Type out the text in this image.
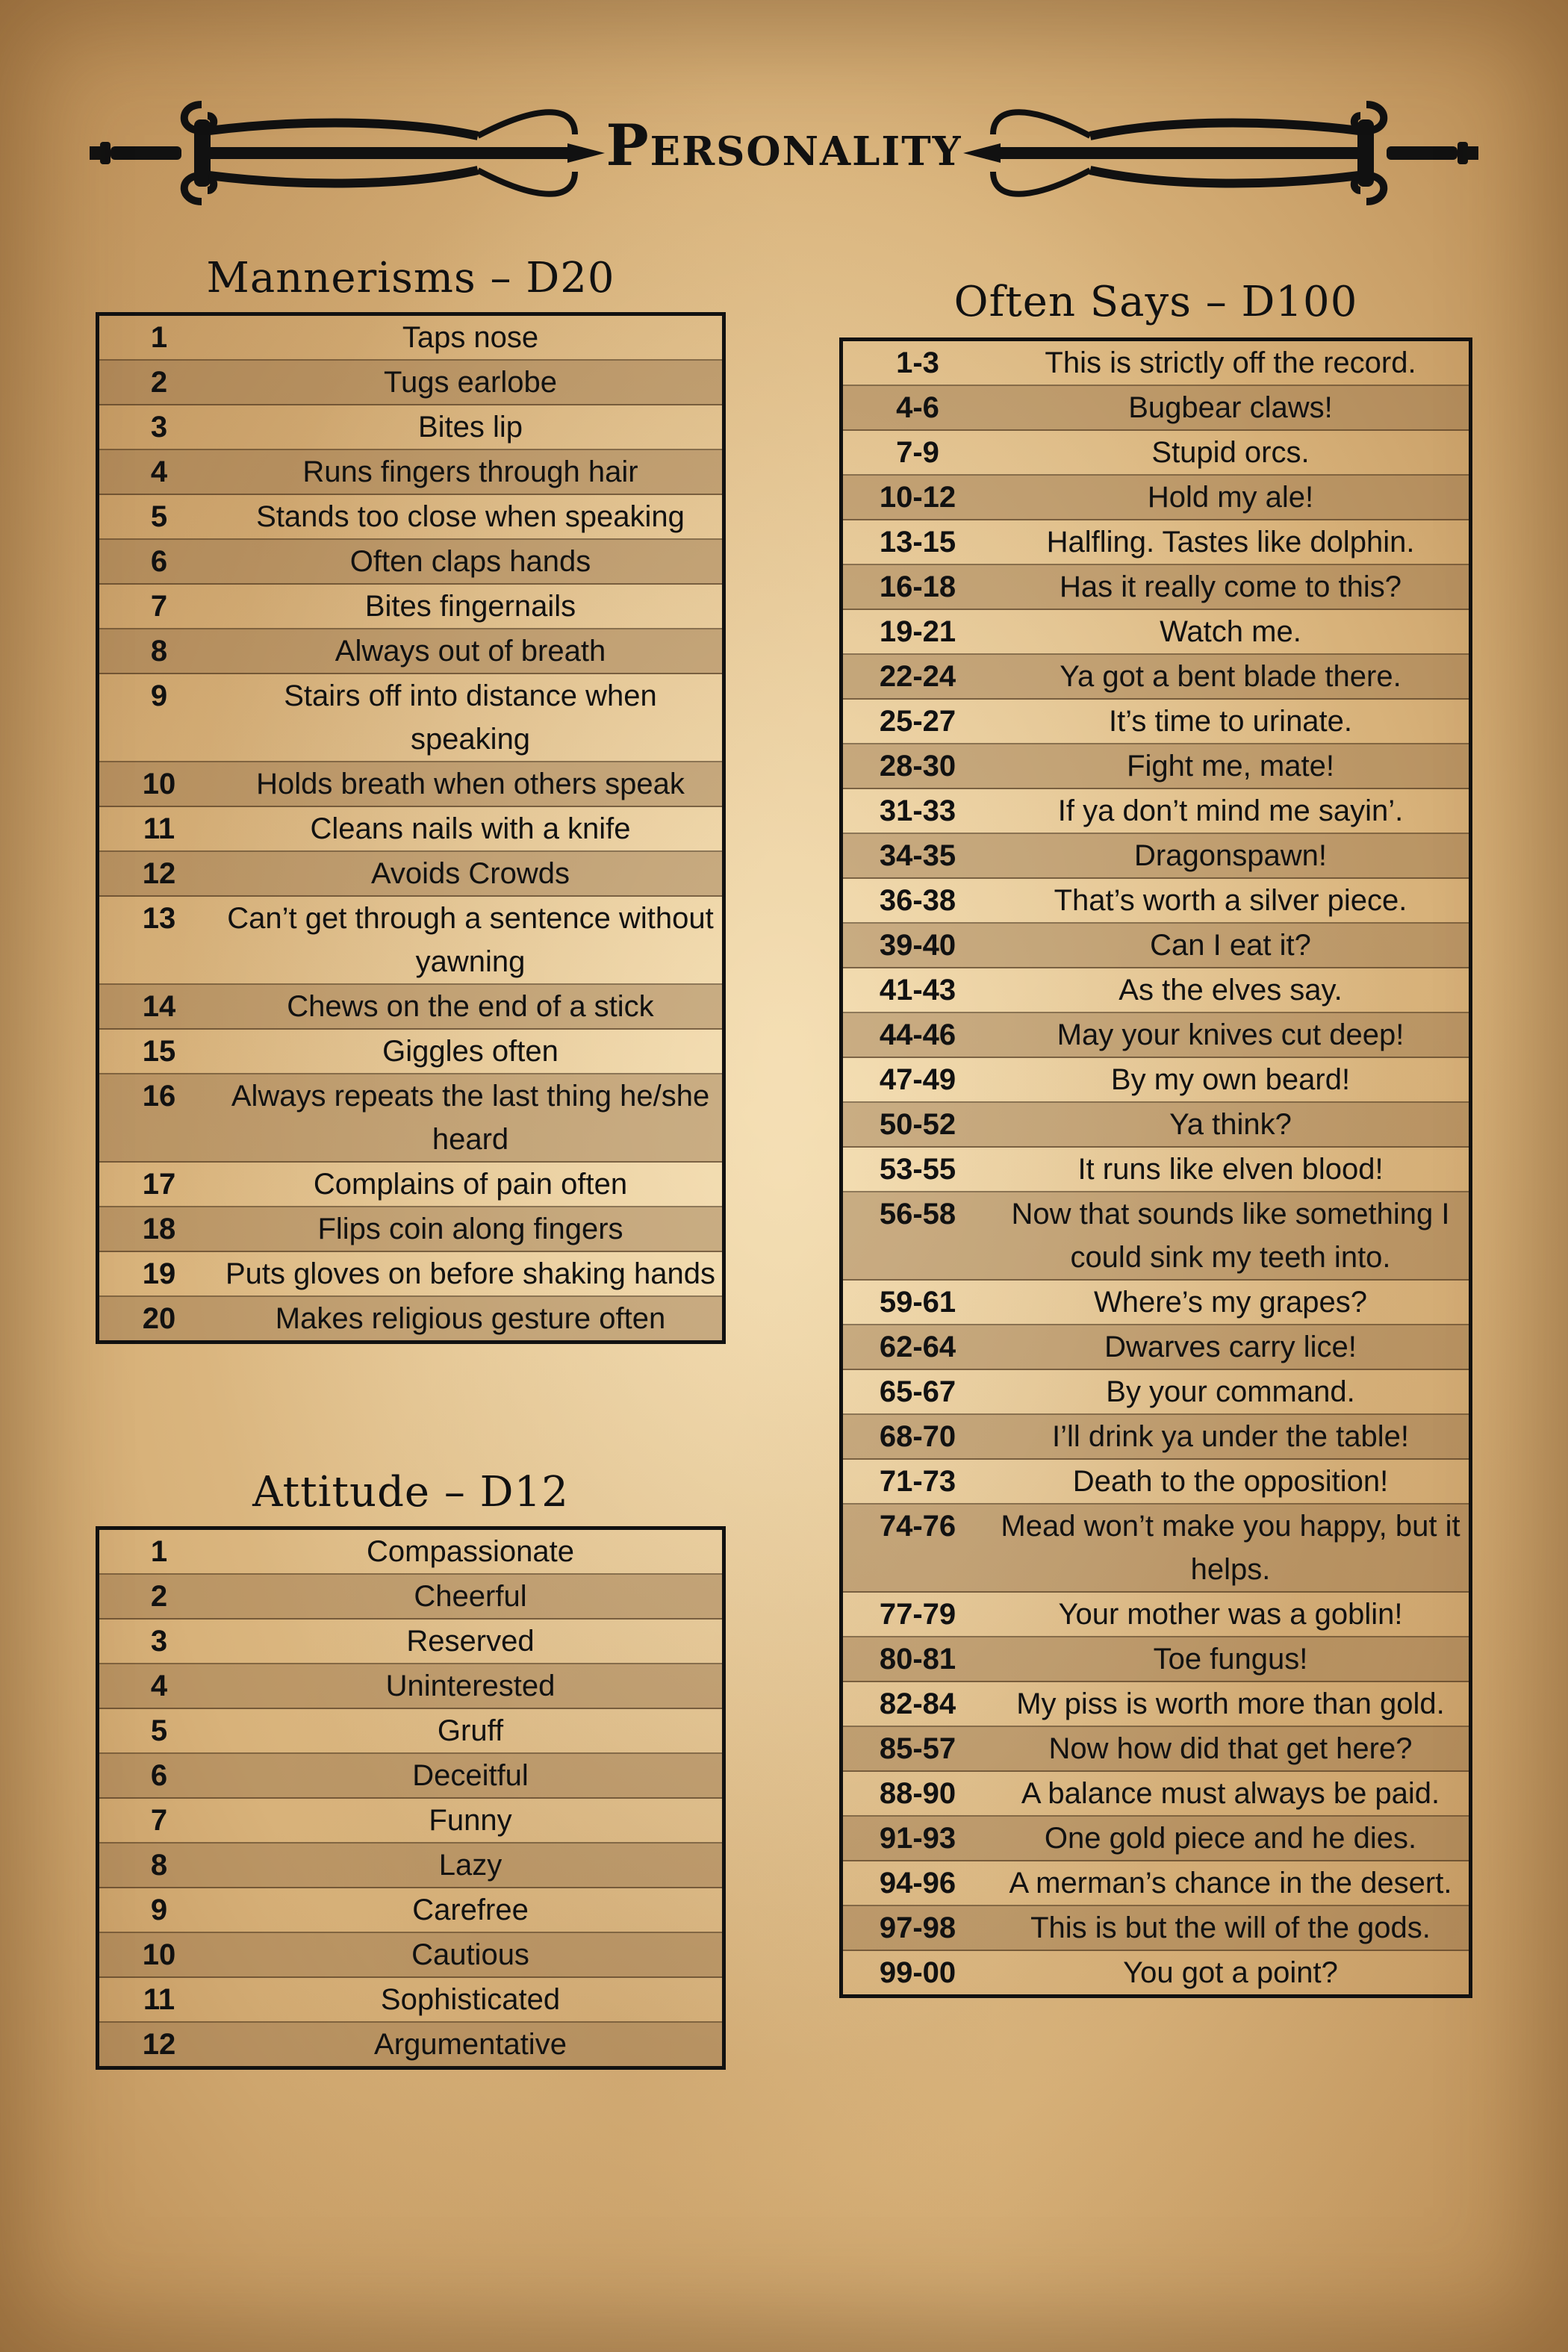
Personality
Mannerisms – D20
Attitude – D12
Often Says – D100
1	Taps nose
2	Tugs earlobe
3	Bites lip
4	Runs fingers through hair
5	Stands too close when speaking
6	Often claps hands
7	Bites fingernails
8	Always out of breath
9	Stairs off into distance when speaking
10	Holds breath when others speak
11	Cleans nails with a knife
12	Avoids Crowds
13	Can’t get through a sentence without yawning
14	Chews on the end of a stick
15	Giggles often
16	Always repeats the last thing he/she heard
17	Complains of pain often
18	Flips coin along fingers
19	Puts gloves on before shaking hands
20	Makes religious gesture often
1	Compassionate
2	Cheerful
3	Reserved
4	Uninterested
5	Gruff
6	Deceitful
7	Funny
8	Lazy
9	Carefree
10	Cautious
11	Sophisticated
12	Argumentative
1-3	This is strictly off the record.
4-6	Bugbear claws!
7-9	Stupid orcs.
10-12	Hold my ale!
13-15	Halfling. Tastes like dolphin.
16-18	Has it really come to this?
19-21	Watch me.
22-24	Ya got a bent blade there.
25-27	It’s time to urinate.
28-30	Fight me, mate!
31-33	If ya don’t mind me sayin’.
34-35	Dragonspawn!
36-38	That’s worth a silver piece.
39-40	Can I eat it?
41-43	As the elves say.
44-46	May your knives cut deep!
47-49	By my own beard!
50-52	Ya think?
53-55	It runs like elven blood!
56-58	Now that sounds like something I could sink my teeth into.
59-61	Where’s my grapes?
62-64	Dwarves carry lice!
65-67	By your command.
68-70	I’ll drink ya under the table!
71-73	Death to the opposition!
74-76	Mead won’t make you happy, but it helps.
77-79	Your mother was a goblin!
80-81	Toe fungus!
82-84	My piss is worth more than gold.
85-57	Now how did that get here?
88-90	A balance must always be paid.
91-93	One gold piece and he dies.
94-96	A merman’s chance in the desert.
97-98	This is but the will of the gods.
99-00	You got a point?
